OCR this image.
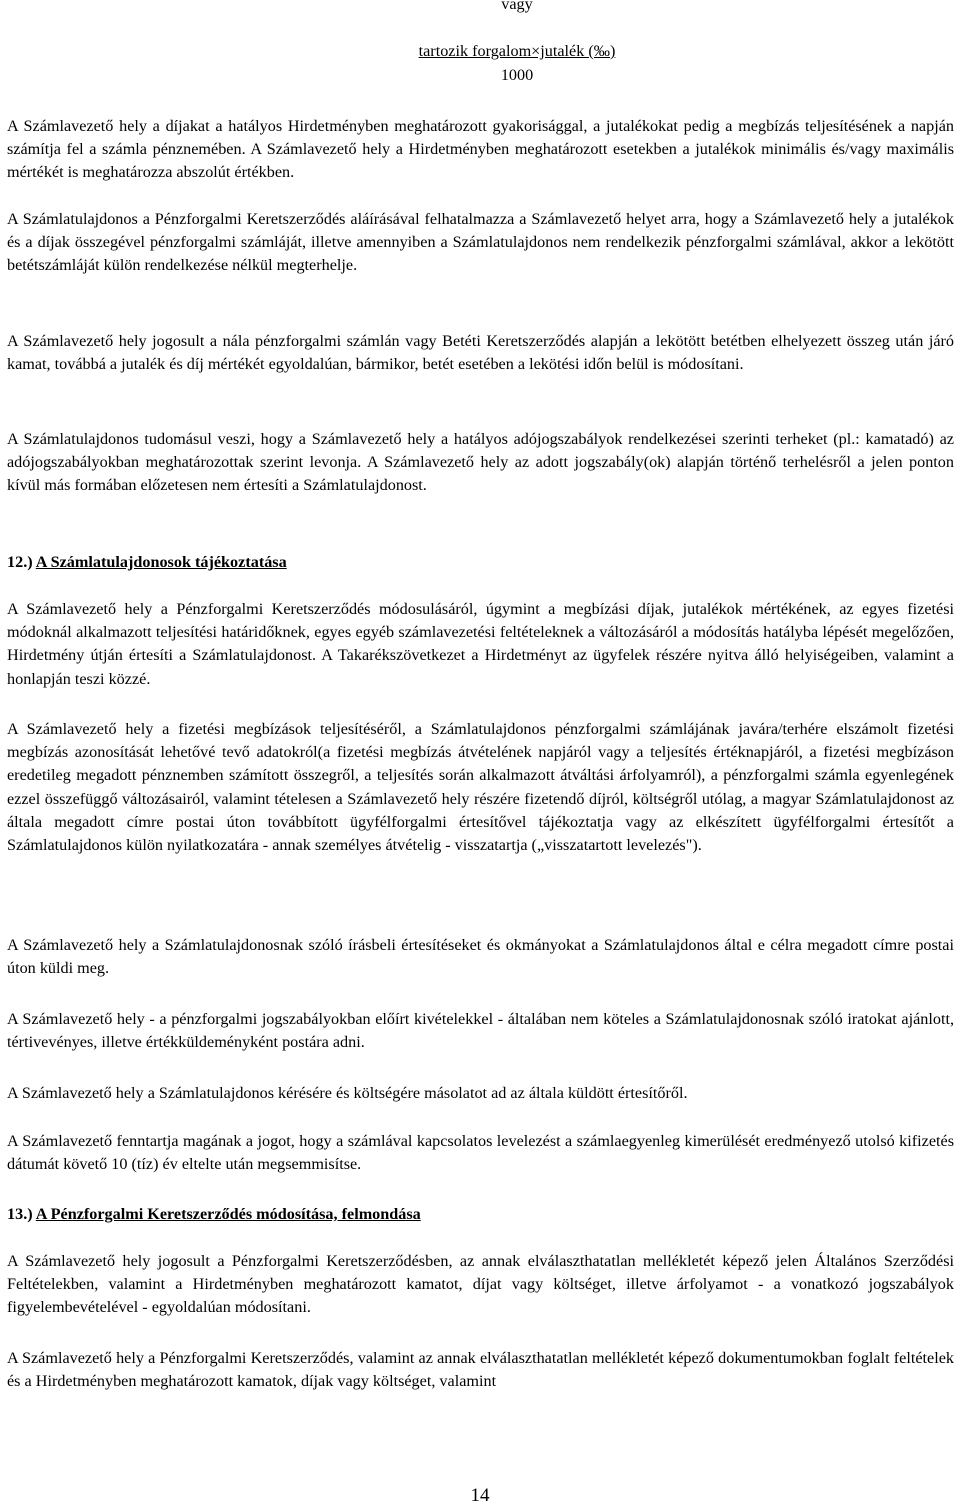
vagy
tartozik forgalom×jutalék (‰)
1000

A Számlavezető hely a díjakat a hatályos Hirdetményben meghatározott gyakorisággal, a jutalékokat pedig a megbízás teljesítésének a napján számítja fel a számla pénznemében. A Számlavezető hely a Hirdetményben meghatározott esetekben a jutalékok minimális és/vagy maximális mértékét is meghatározza abszolút értékben.

A Számlatulajdonos a Pénzforgalmi Keretszerződés aláírásával felhatalmazza a Számlavezető helyet arra, hogy a Számlavezető hely a jutalékok és a díjak összegével pénzforgalmi számláját, illetve amennyiben a Számlatulajdonos nem rendelkezik pénzforgalmi számlával, akkor a lekötött betétszámláját külön rendelkezése nélkül megterhelje.

A Számlavezető hely jogosult a nála pénzforgalmi számlán vagy Betéti Keretszerződés alapján a lekötött betétben elhelyezett összeg után járó kamat, továbbá a jutalék és díj mértékét egyoldalúan, bármikor, betét esetében a lekötési időn belül is módosítani.

A Számlatulajdonos tudomásul veszi, hogy a Számlavezető hely a hatályos adójogszabályok rendelkezései szerinti terheket (pl.: kamatadó) az adójogszabályokban meghatározottak szerint levonja. A Számlavezető hely az adott jogszabály(ok) alapján történő terhelésről a jelen ponton kívül más formában előzetesen nem értesíti a Számlatulajdonost.

12.) A Számlatulajdonosok tájékoztatása

A Számlavezető hely a Pénzforgalmi Keretszerződés módosulásáról, úgymint a megbízási díjak, jutalékok mértékének, az egyes fizetési módoknál alkalmazott teljesítési határidőknek, egyes egyéb számlavezetési feltételeknek a változásáról a módosítás hatályba lépését megelőzően, Hirdetmény útján értesíti a Számlatulajdonost. A Takarékszövetkezet a Hirdetményt az ügyfelek részére nyitva álló helyiségeiben, valamint a honlapján teszi közzé.

A Számlavezető hely a fizetési megbízások teljesítéséről, a Számlatulajdonos pénzforgalmi számlájának javára/terhére elszámolt fizetési megbízás azonosítását lehetővé tevő adatokról(a fizetési megbízás átvételének napjáról vagy a teljesítés értéknapjáról, a fizetési megbízáson eredetileg megadott pénznemben számított összegről, a teljesítés során alkalmazott átváltási árfolyamról), a pénzforgalmi számla egyenlegének ezzel összefüggő változásairól, valamint tételesen a Számlavezető hely részére fizetendő díjról, költségről utólag, a magyar Számlatulajdonost az általa megadott címre postai úton továbbított ügyfélforgalmi értesítővel tájékoztatja vagy az elkészített ügyfélforgalmi értesítőt a Számlatulajdonos külön nyilatkozatára - annak személyes átvételig - visszatartja („visszatartott levelezés").

A Számlavezető hely a Számlatulajdonosnak szóló írásbeli értesítéseket és okmányokat a Számlatulajdonos által e célra megadott címre postai úton küldi meg.

A Számlavezető hely - a pénzforgalmi jogszabályokban előírt kivételekkel - általában nem köteles a Számlatulajdonosnak szóló iratokat ajánlott, tértivevényes, illetve értékküldeményként postára adni.

A Számlavezető hely a Számlatulajdonos kérésére és költségére másolatot ad az általa küldött értesítőről.

A Számlavezető fenntartja magának a jogot, hogy a számlával kapcsolatos levelezést a számlaegyenleg kimerülését eredményező utolsó kifizetés dátumát követő 10 (tíz) év eltelte után megsemmisítse.

13.) A Pénzforgalmi Keretszerződés módosítása, felmondása

A Számlavezető hely jogosult a Pénzforgalmi Keretszerződésben, az annak elválaszthatatlan mellékletét képező jelen Általános Szerződési Feltételekben, valamint a Hirdetményben meghatározott kamatot, díjat vagy költséget, illetve árfolyamot - a vonatkozó jogszabályok figyelembevételével - egyoldalúan módosítani.

A Számlavezető hely a Pénzforgalmi Keretszerződés, valamint az annak elválaszthatatlan mellékletét képező dokumentumokban foglalt feltételek és a Hirdetményben meghatározott kamatok, díjak vagy költséget, valamint

14
